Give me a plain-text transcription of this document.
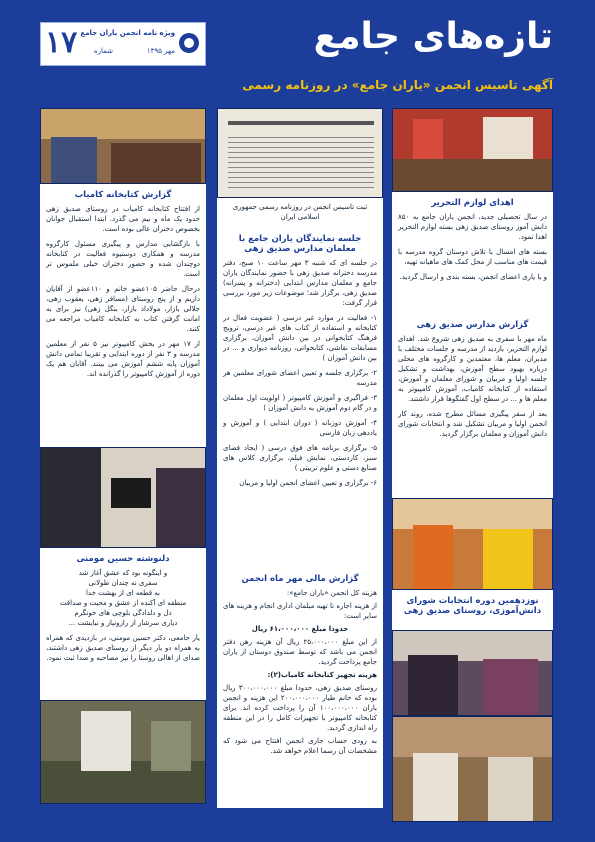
۱۷ ویژه نامه انجمن یاران جامع
مهر ۱۳۹۵
شماره	تازه‌های جامع
آگهی تاسیس انجمن «یاران جامع» در روزنامه رسمی
گزارش کتابخانه کامیاب

از افتتاح کتابخانه کامیاب در روستای صدیق زهی حدود یک ماه و نیم می گذرد. ابتدا استقبال جوانان بخصوص دختران عالی بوده است.

با بازگشایی مدارس و پیگیری مسئول کارگروه مدرسه و همکاری دوستیوه فعالیت در کتابخانه دوچندان شده و حضور دختران خیلی ملموس تر است.

درحال حاضر ۱۰۵عضو خانم و ۱۱۰عضو از آقایان داریم و از پنج روستای (مسافر زهی، یعقوب زهی، جلالی بازار، مولاداد بازار، بنگل زهی) نیز برای به امانت گرفتن کتاب به کتابخانه کامیاب مراجعه می کنند.

از ۱۷ مهر در بخش کامپیوتر نیز ۵ نفر از معلمین مدرسه و ۳ نفر از دوره ابتدایی و تقریبا تمامی دانش آموزان پایه ششم آموزش می بینند. آقایان هم یک دوره از آموزش کامپیوتر را گذرانده اند.

دلنوشته حسین مومنی
و اینگونه بود که عشق آغاز شد
سفری نه چندان طولانی
به قطعه ای از بهشت خدا
منطقه ای آکنده از عشق و محبت و صداقت
دل و دلدادگی بلوچی های خونگرم
دیاری سرشار از رازونیاز و نیایشت ...

یار جامعی، دکتر حسین مومنی، در بازدیدی که همراه به همراه دو یار دیگر از روستای صدیق زهی داشتند، صدای از اهالی روستا را نیز مصاحبه و صدا ثبت نمود.

ثبت تاسیس انجمن در روزنامه رسمی جمهوری اسلامی ایران
جلسه نمایندگان یاران جامع با معلمان مدارس صدیق زهی

در جلسه ای که شنبه ۳ مهر ساعت ۱۰ صبح، دفتر مدرسه دخترانه صدیق زهی با حضور نمایندگان یاران جامع و معلمان مدارس ابتدایی (دخترانه و پسرانه) صدیق زهی، برگزار شد؛ موضوعات زیر مورد بررسی قرار گرفت:

۱- فعالیت در موارد غیر درسی ( عضویت فعال در کتابخانه و استفاده از کتاب های غیر درسی، ترویج فرهنگ کتابخوانی در بین دانش آموزان، برگزاری مسابقات نقاشی، کتابخوانی، روزنامه دیواری و ... در بین دانش آموزان )

۲- برگزاری جلسه و تعیین اعضای شورای معلمین هر مدرسه

۳- فراگیری و آموزش کامپیوتر ( اولویت اول معلمان و در گام دوم آموزش به دانش آموزان )

۴- آموزش دوزبانه ( دوران ابتدایی ) و آموزش و یاددهی زبان فارسی

۵- برگزاری برنامه های فوق درسی ( ایجاد فضای سبز، کاردستی، نمایش فیلم، برگزاری کلاس های صنایع دستی و علوم تربیتی )

۶- برگزاری و تعیین اعضای انجمن اولیا و مربیان

گزارش مالی مهر ماه انجمن
هزینه کل انجمن «یاران جامع»:
از هزینه اجاره تا تهیه مبلمان اداری انجام و هزینه های سایر است:
حدودا مبلغ ۶۱،۰۰۰،۰۰۰ ریال
از این مبلغ ۲۵،۰۰۰،۰۰۰ ریال آن هزینه رهن دفتر انجمن می باشد که توسط صندوق دوستان از یاران جامع پرداخت گردید.
هزینه تجهیز کتابخانه کامیاب(۲):
روستای صدیق زهی، حدودا مبلغ ۳۰۰،۰۰۰،۰۰۰ ریال بوده که خانم طیار ۲۰۰،۰۰۰،۰۰۰ این هزینه و انجمن یاران ۱۰۰،۰۰۰،۰۰۰ آن را پرداخت کرده اند. برای کتابخانه کامپیوتر با تجهیزات کامل را در این منطقه راه اندازی گردید.
به زودی حساب جاری انجمن افتتاح می شود که مشخصات آن رسما اعلام خواهد شد.
اهدای لوازم التحریر

در سال تحصیلی جدید، انجمن یاران جامع به ۸۵۰ دانش آموز روستای صدیق زهی بسته لوازم التحریر اهدا نمود.

بسته های امسال با تلاش دوستان گروه مدرسه با قیمت های مناسب از محل کمک های ماهیانه تهیه،

و با یاری اعضای انجمن، بسته بندی و ارسال گردید.

گزارش مدارس صدیق زهی

ماه مهر با سفری به صدیق زهی شروع شد. اهدای لوازم التحریر، بازدید از مدرسه و جلسات مختلف با مدیران، معلم ها، معتمدین و کارگروه های محلی درباره بهبود سطح آموزش، بهداشت و تشکیل جلسه اولیا و مربیان و شورای معلمان و آموزش، استفاده از کتابخانه کامیاب، آموزش کامپیوتر به معلم ها و ... در سطح اول گفتگوها قرار داشتند.

بعد از سفر پیگیری مسائل مطرح شده، روند کار انجمن اولیا و مربیان تشکیل شد و انتخابات شورای دانش آموزان و معلمان برگزار گردید.

نوزدهمین دوره انتخابات شورای دانش‌آموزی، روستای صدیق زهی
